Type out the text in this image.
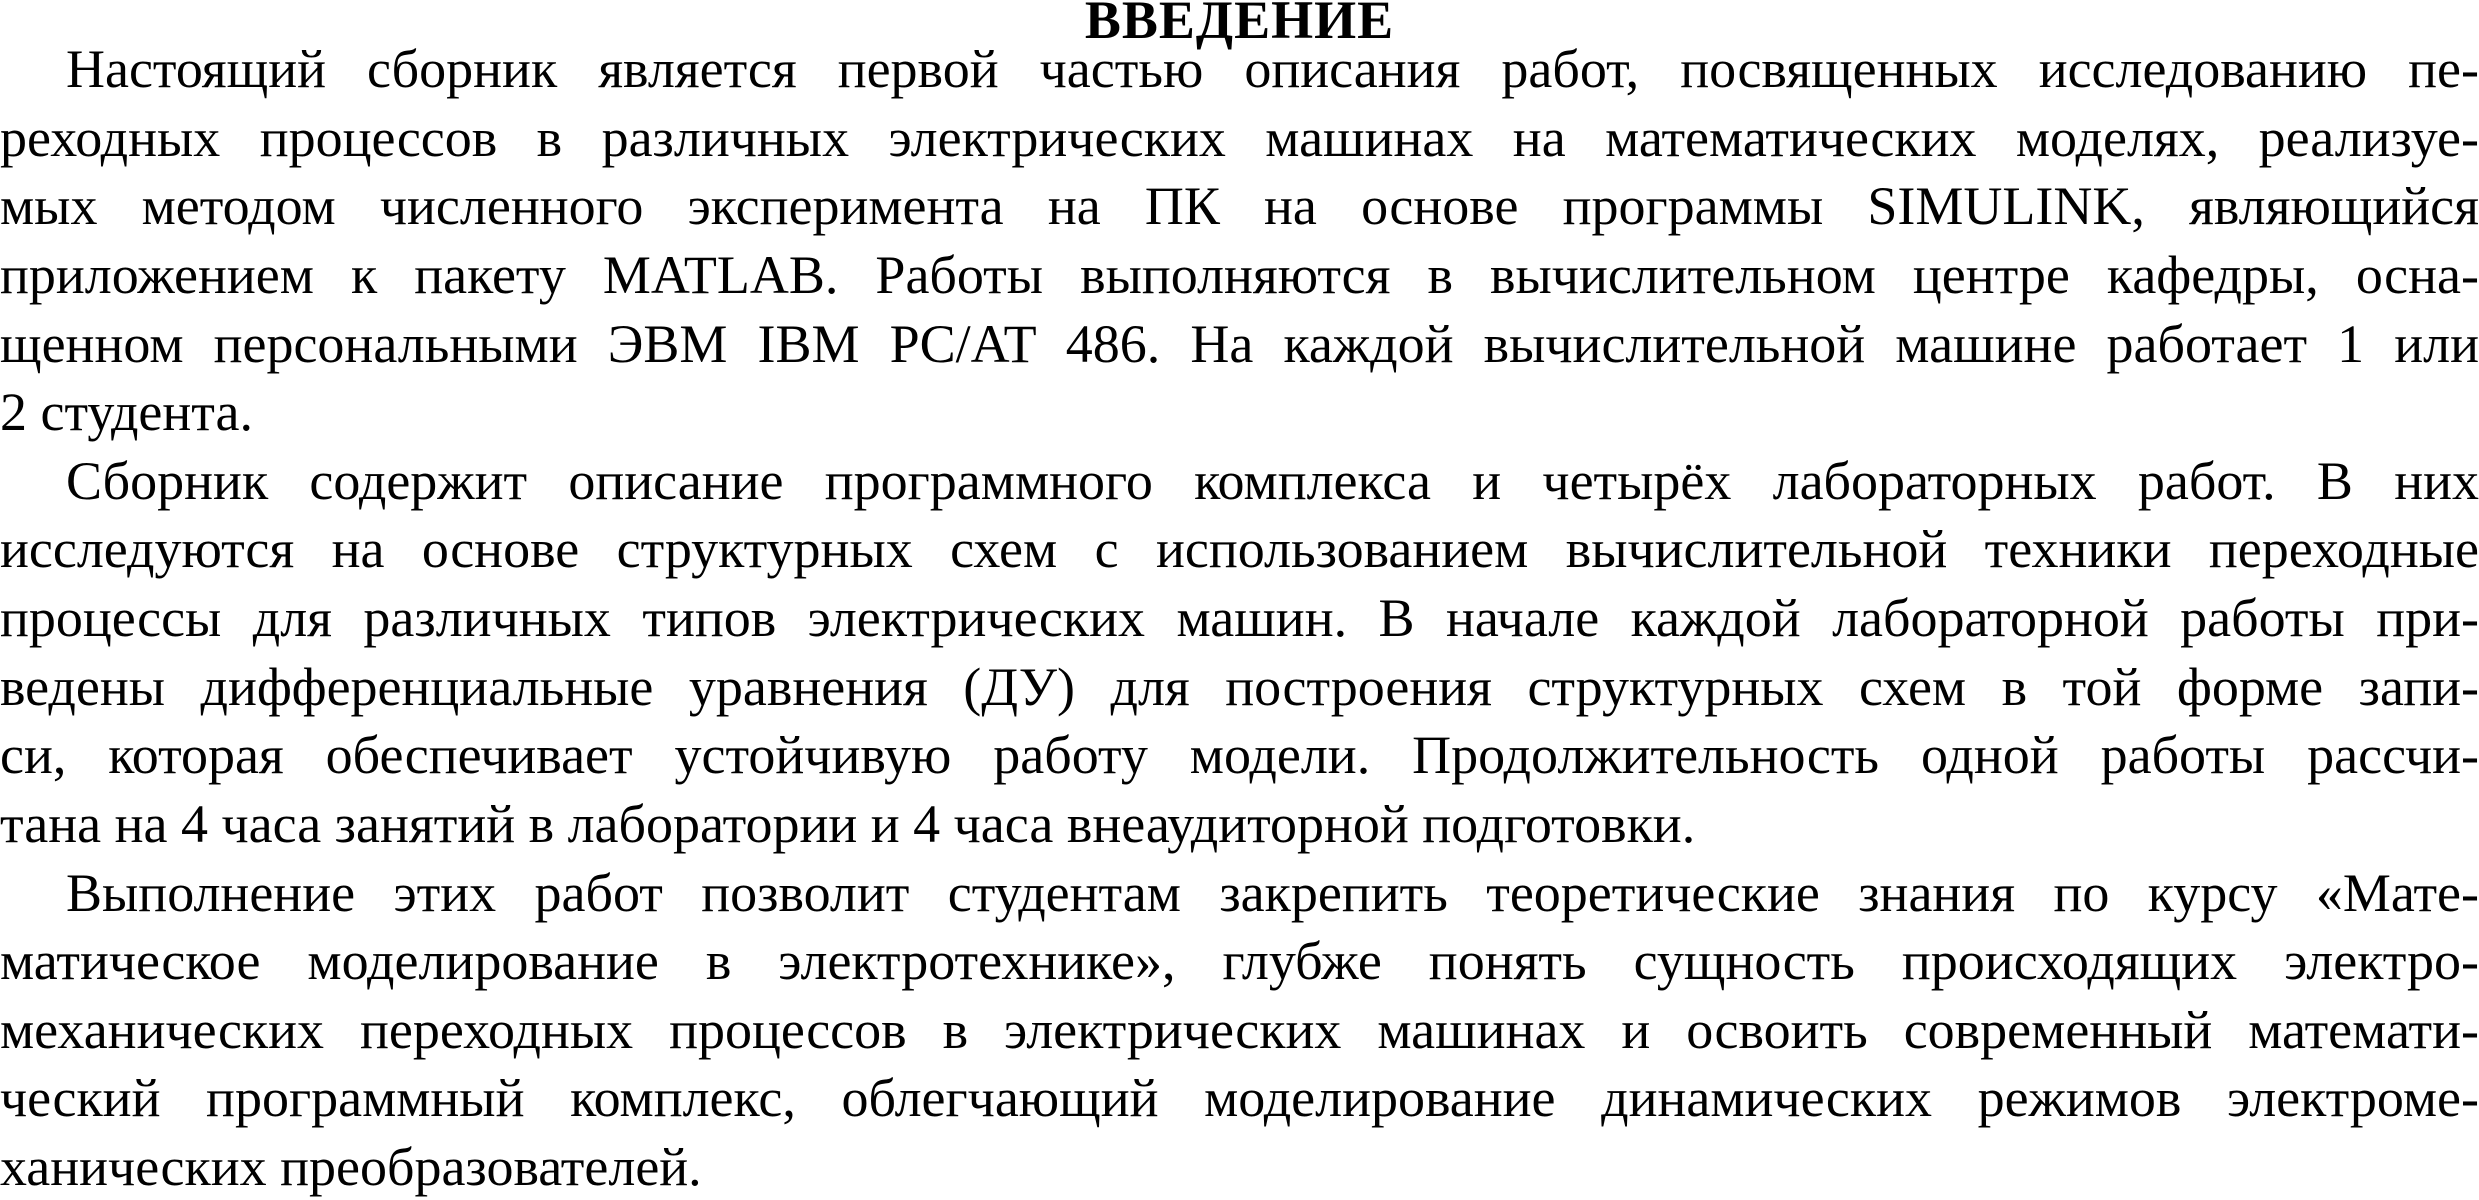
ВВЕДЕНИЕ

Настоящий сборник является первой частью описания работ, посвященных исследованию пе-

реходных процессов в различных электрических машинах на математических моделях, реализуе-

мых методом численного эксперимента на ПК на основе программы SIMULINK, являющийся

приложением к пакету MATLAB. Работы выполняются в вычислительном центре кафедры, осна-

щенном персональными ЭВМ IBM PC/AT 486. На каждой вычислительной машине работает 1 или

2 студента.

Сборник содержит описание программного комплекса и четырёх лабораторных работ. В них

исследуются на основе структурных схем с использованием вычислительной техники переходные

процессы для различных типов электрических машин. В начале каждой лабораторной работы при-

ведены дифференциальные уравнения (ДУ) для построения структурных схем в той форме запи-

си, которая обеспечивает устойчивую работу модели. Продолжительность одной работы рассчи-

тана на 4 часа занятий в лаборатории и 4 часа внеаудиторной подготовки.

Выполнение этих работ позволит студентам закрепить теоретические знания по курсу «Мате-

матическое моделирование в электротехнике», глубже понять сущность происходящих электро-

механических переходных процессов в электрических машинах и освоить современный математи-

ческий программный комплекс, облегчающий моделирование динамических режимов электроме-

ханических преобразователей.
